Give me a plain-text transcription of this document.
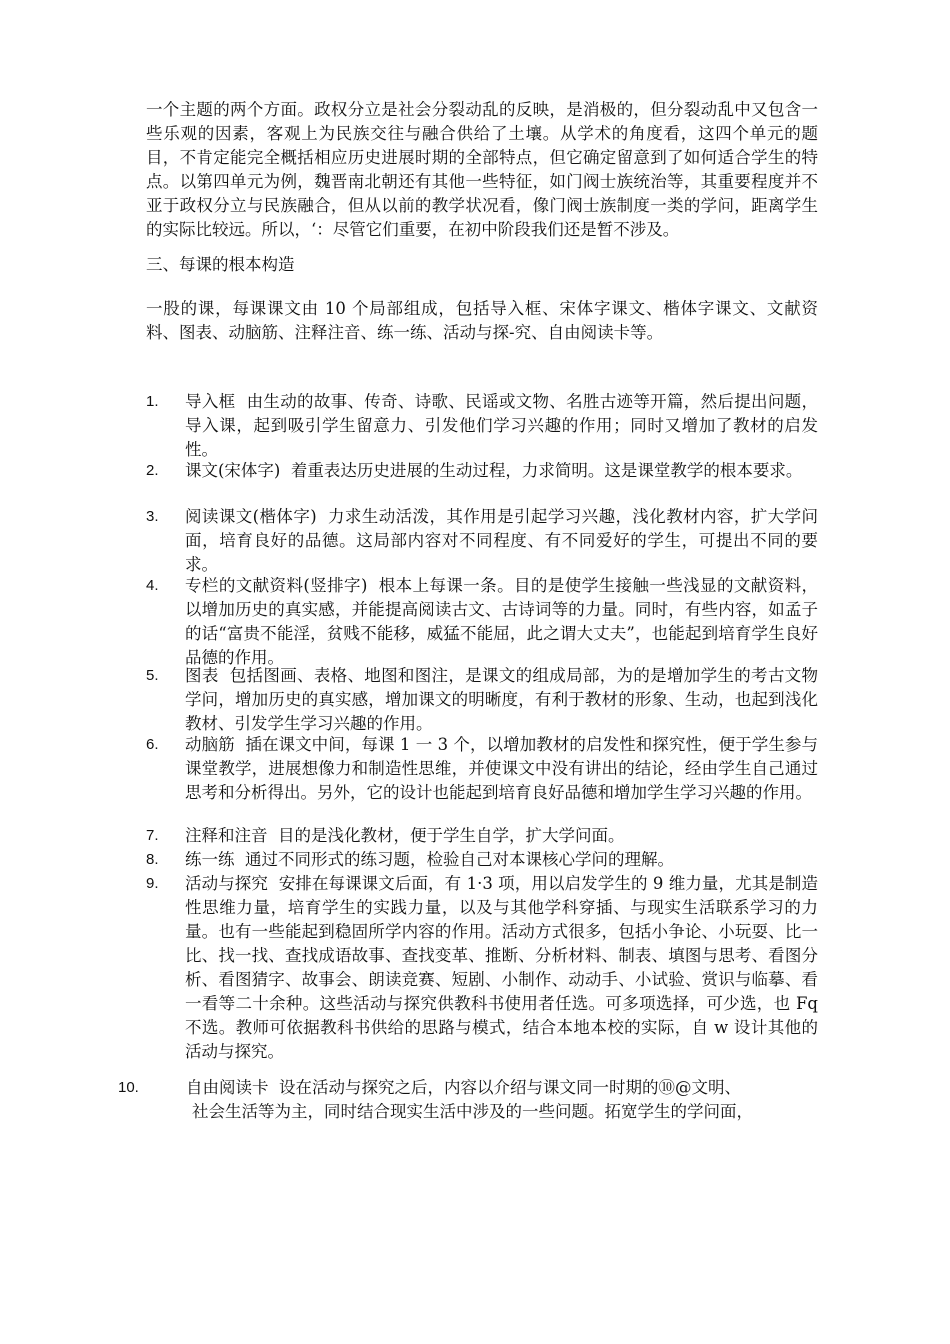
一个主题的两个方面。政权分立是社会分裂动乱的反映，是消极的，但分裂动乱中又包含一些乐观的因素，客观上为民族交往与融合供给了土壤。从学术的角度看，这四个单元的题目，不肯定能完全概括相应历史进展时期的全部特点，但它确定留意到了如何适合学生的特点。以第四单元为例，魏晋南北朝还有其他一些特征，如门阀士族统治等，其重要程度并不亚于政权分立与民族融合，但从以前的教学状况看，像门阀士族制度一类的学问，距离学生的实际比较远。所以，‘：尽管它们重要，在初中阶段我们还是暂不涉及。

三、每课的根本构造

一股的课，每课课文由 10 个局部组成，包括导入框、宋体字课文、楷体字课文、文献资料、图表、动脑筋、注释注音、练一练、活动与探-究、自由阅读卡等。

1.	导入框 由生动的故事、传奇、诗歌、民谣或文物、名胜古迹等开篇，然后提出问题，导入课，起到吸引学生留意力、引发他们学习兴趣的作用；同时又增加了教材的启发性。
2.	课文(宋体字) 着重表达历史进展的生动过程，力求简明。这是课堂教学的根本要求。
3.	阅读课文(楷体字) 力求生动活泼，其作用是引起学习兴趣，浅化教材内容，扩大学问面，培育良好的品德。这局部内容对不同程度、有不同爱好的学生，可提出不同的要求。
4.	专栏的文献资料(竖排字) 根本上每课一条。目的是使学生接触一些浅显的文献资料，以增加历史的真实感，并能提高阅读古文、古诗词等的力量。同时，有些内容，如孟子的话“富贵不能淫，贫贱不能移，威猛不能屈，此之谓大丈夫”，也能起到培育学生良好品德的作用。
5.	图表 包括图画、表格、地图和图注，是课文的组成局部，为的是增加学生的考古文物学问，增加历史的真实感，增加课文的明晰度，有利于教材的形象、生动，也起到浅化教材、引发学生学习兴趣的作用。
6.	动脑筋 插在课文中间，每课 1 一 3 个，以增加教材的启发性和探究性，便于学生参与课堂教学，进展想像力和制造性思维，并使课文中没有讲出的结论，经由学生自己通过思考和分析得出。另外，它的设计也能起到培育良好品德和增加学生学习兴趣的作用。
7.	注释和注音 目的是浅化教材，便于学生自学，扩大学问面。
8.	练一练 通过不同形式的练习题，检验自己对本课核心学问的理解。
9.	活动与探究 安排在每课课文后面，有 1·3 项，用以启发学生的 9 维力量，尤其是制造性思维力量，培育学生的实践力量，以及与其他学科穿插、与现实生活联系学习的力量。也有一些能起到稳固所学内容的作用。活动方式很多，包括小争论、小玩耍、比一比、找一找、查找成语故事、查找变革、推断、分析材料、制表、填图与思考、看图分析、看图猜字、故事会、朗读竞赛、短剧、小制作、动动手、小试验、赏识与临摹、看一看等二十余种。这些活动与探究供教科书使用者任选。可多项选择，可少选，也 Fq 不选。教师可依据教科书供给的思路与模式，结合本地本校的实际，自 w 设计其他的活动与探究。
10.	自由阅读卡 设在活动与探究之后，内容以介绍与课文同一时期的⑩@文明、
社会生活等为主，同时结合现实生活中涉及的一些问题。拓宽学生的学问面，
